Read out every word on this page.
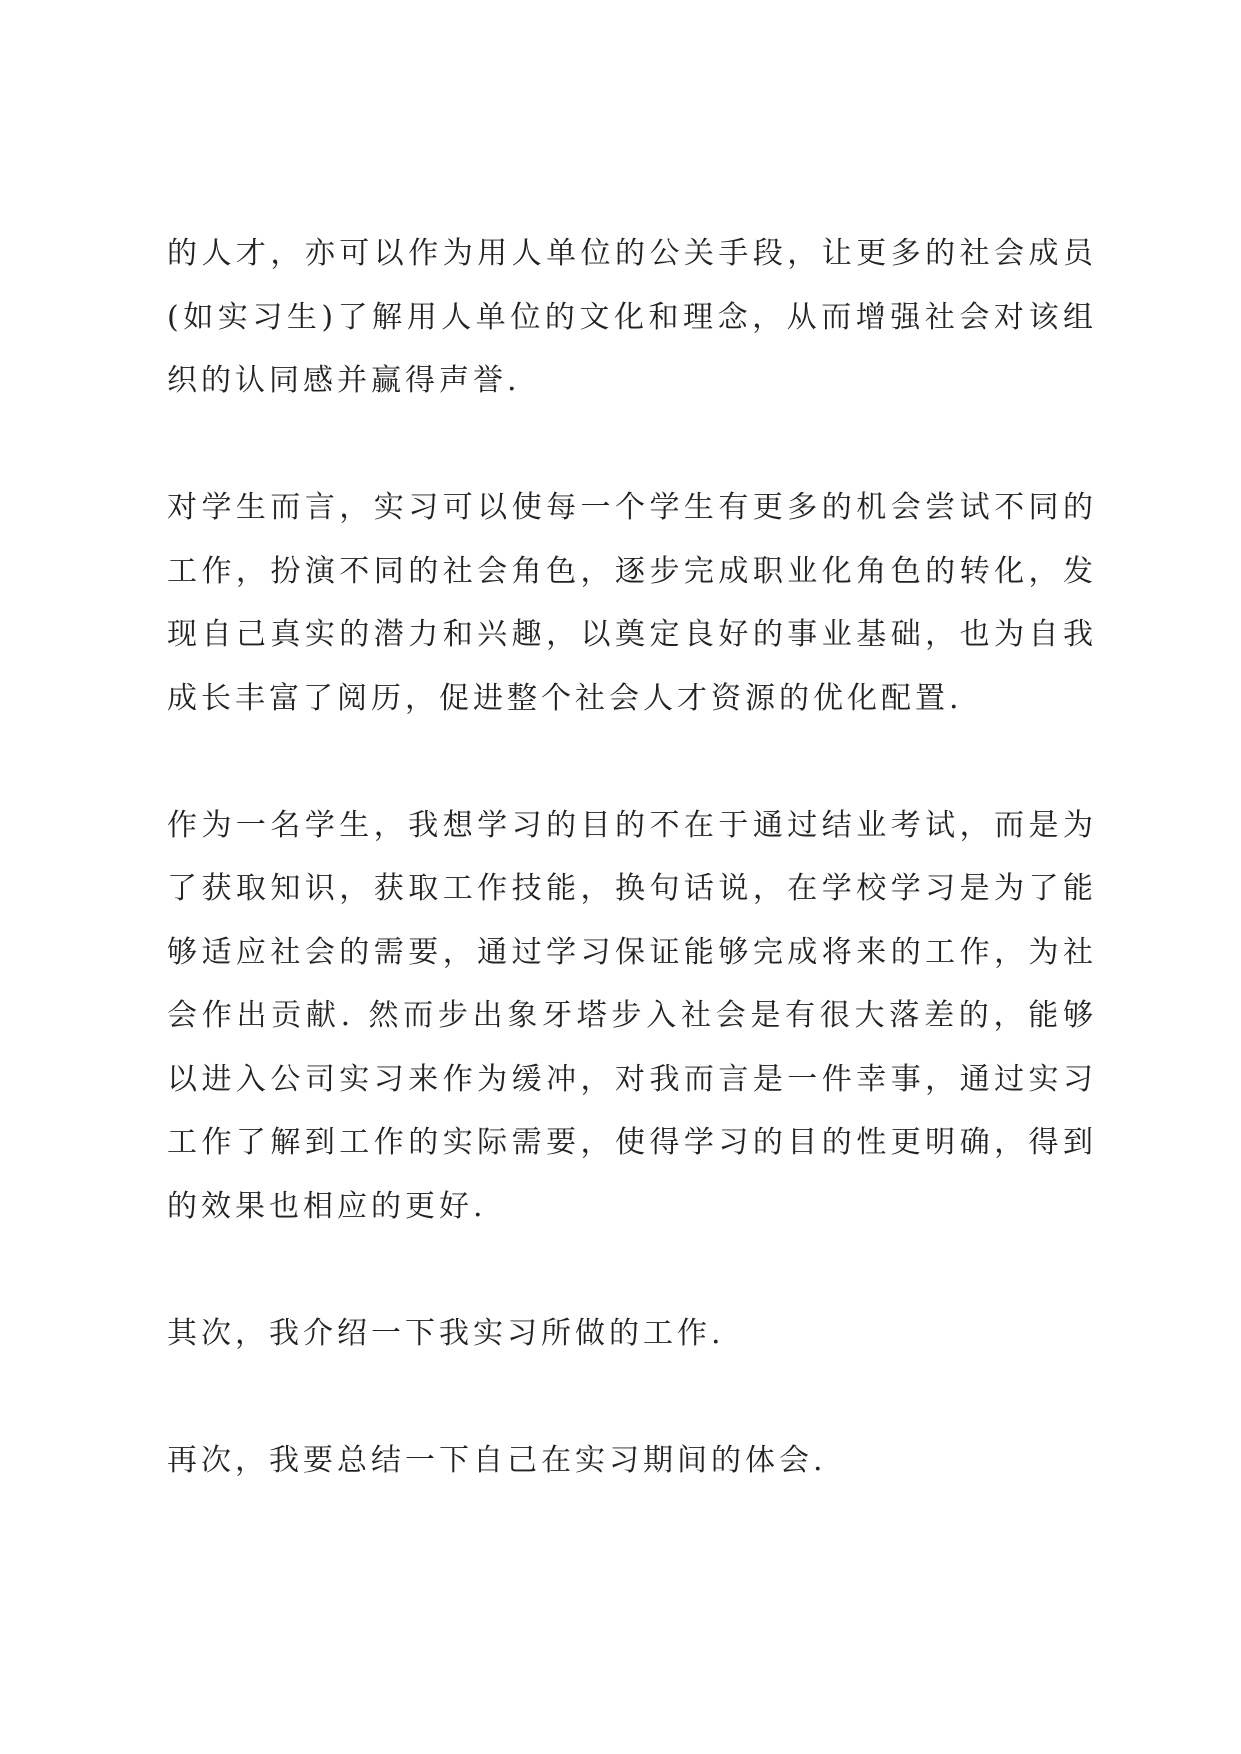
的人才，亦可以作为用人单位的公关手段，让更多的社会成员(如实习生)了解用人单位的文化和理念，从而增强社会对该组织的认同感并赢得声誉.

对学生而言，实习可以使每一个学生有更多的机会尝试不同的工作，扮演不同的社会角色，逐步完成职业化角色的转化，发现自己真实的潜力和兴趣，以奠定良好的事业基础，也为自我成长丰富了阅历，促进整个社会人才资源的优化配置.

作为一名学生，我想学习的目的不在于通过结业考试，而是为了获取知识，获取工作技能，换句话说，在学校学习是为了能够适应社会的需要，通过学习保证能够完成将来的工作，为社会作出贡献. 然而步出象牙塔步入社会是有很大落差的，能够以进入公司实习来作为缓冲，对我而言是一件幸事，通过实习工作了解到工作的实际需要，使得学习的目的性更明确，得到的效果也相应的更好.

其次，我介绍一下我实习所做的工作.

再次，我要总结一下自己在实习期间的体会.
